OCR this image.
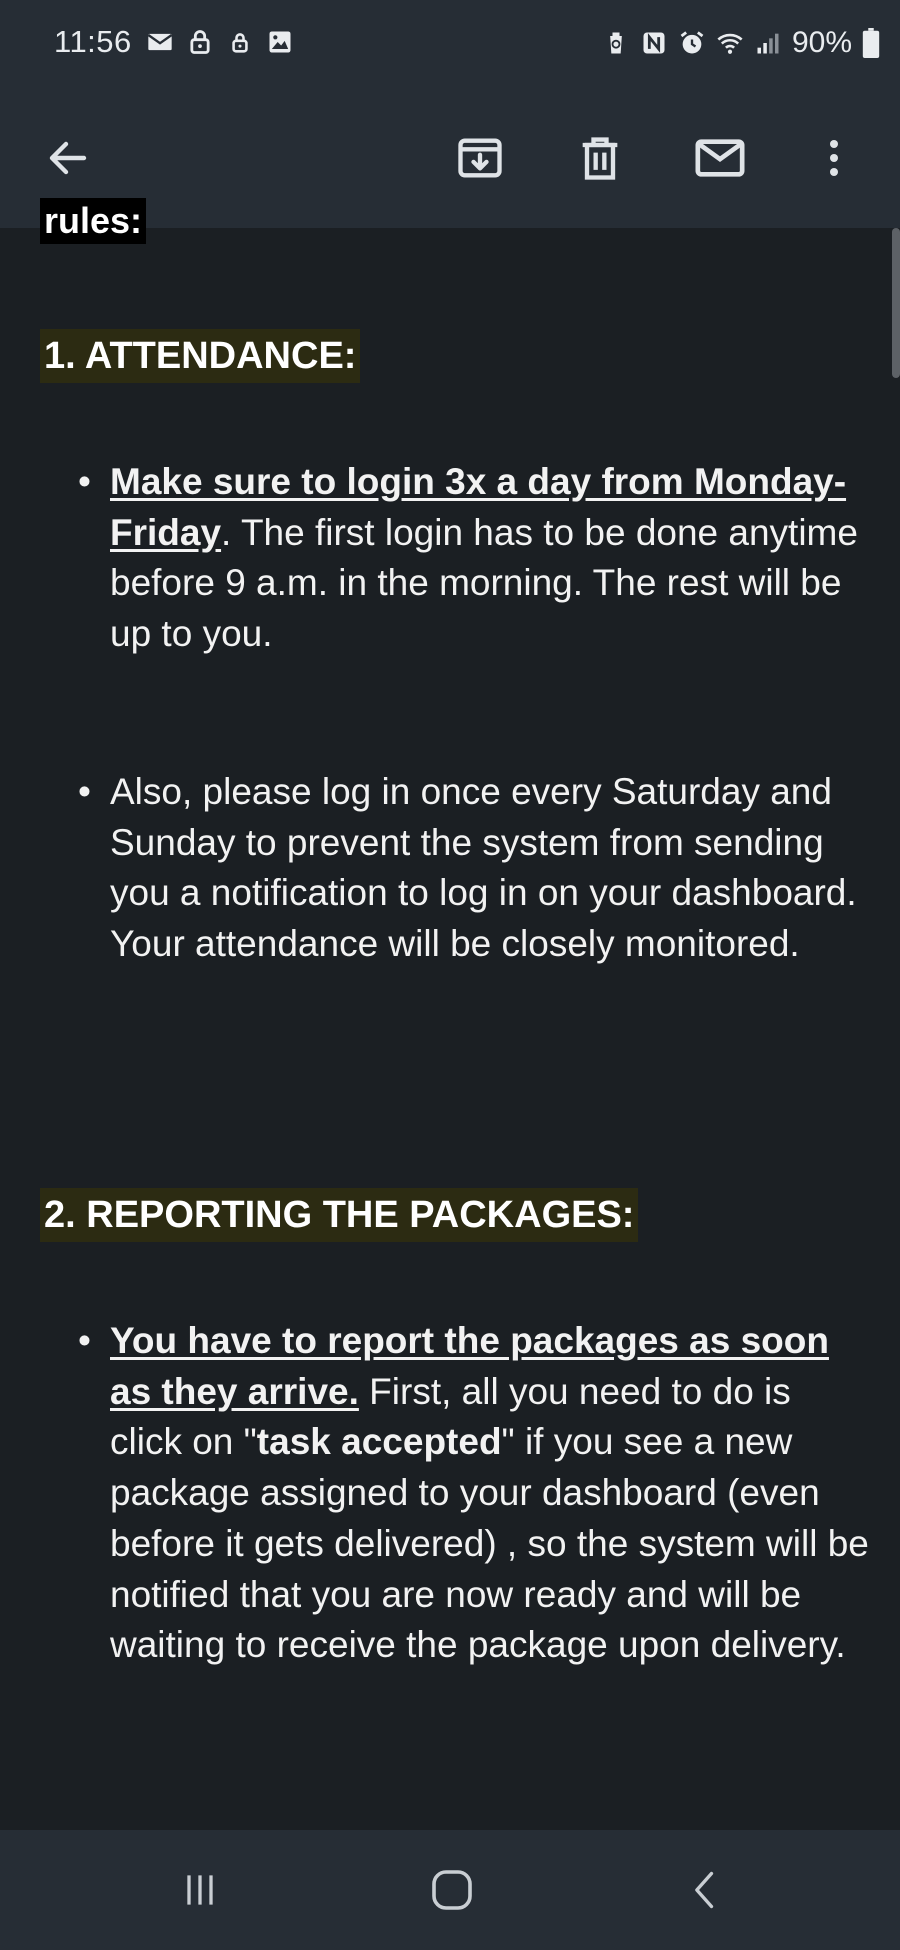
11:56	90%
rules:
1. ATTENDANCE:
• Make sure to login 3x a day from Monday-Friday. The first login has to be done anytime before 9 a.m. in the morning. The rest will be up to you.
• Also, please log in once every Saturday and Sunday to prevent the system from sending you a notification to log in on your dashboard. Your attendance will be closely monitored.
2. REPORTING THE PACKAGES:
• You have to report the packages as soon as they arrive. First, all you need to do is click on "task accepted" if you see a new package assigned to your dashboard (even before it gets delivered) , so the system will be notified that you are now ready and will be waiting to receive the package upon delivery.
